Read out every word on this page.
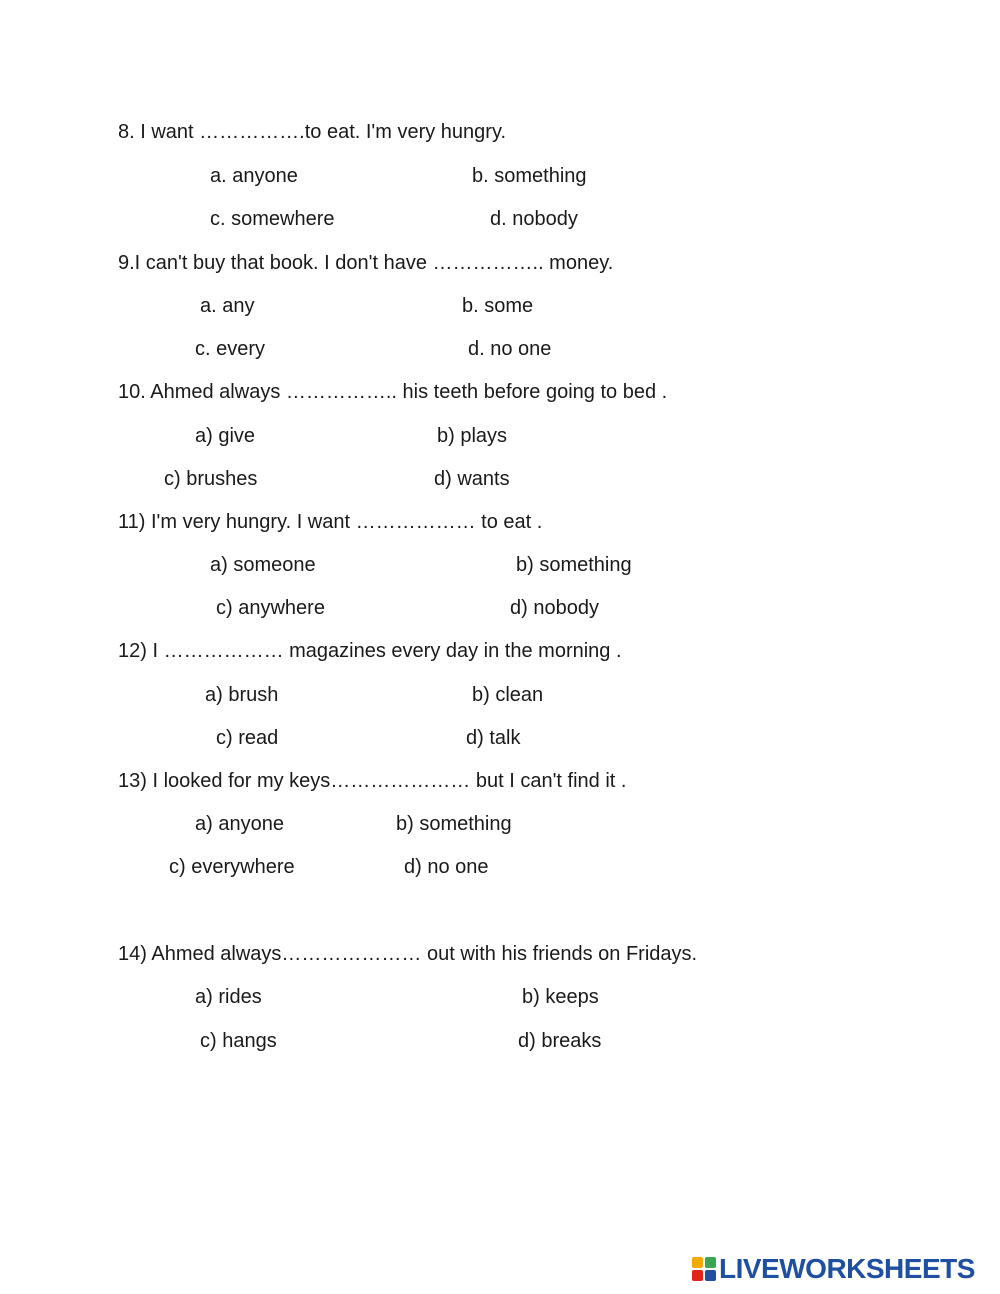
8. I want …………….to eat. I'm very hungry.
a. anyone	b. something
c. somewhere	d. nobody
9.I can't buy that book. I don't have …………….. money.
a. any	b. some
c. every	d. no one
10. Ahmed always …………….. his teeth before going to bed .
a) give	b) plays
c) brushes	d) wants
11) I'm very hungry. I want ……………… to eat .
a) someone	b) something
c) anywhere	d) nobody
12) I ……………… magazines every day in the morning .
a) brush	b) clean
c) read	d) talk
13) I looked for my keys………………… but I can't find it .
a) anyone	b) something
c) everywhere	d) no one
14) Ahmed always………………… out with his friends on Fridays.
a) rides	b) keeps
c) hangs	d) breaks
LIVEWORKSHEETS
